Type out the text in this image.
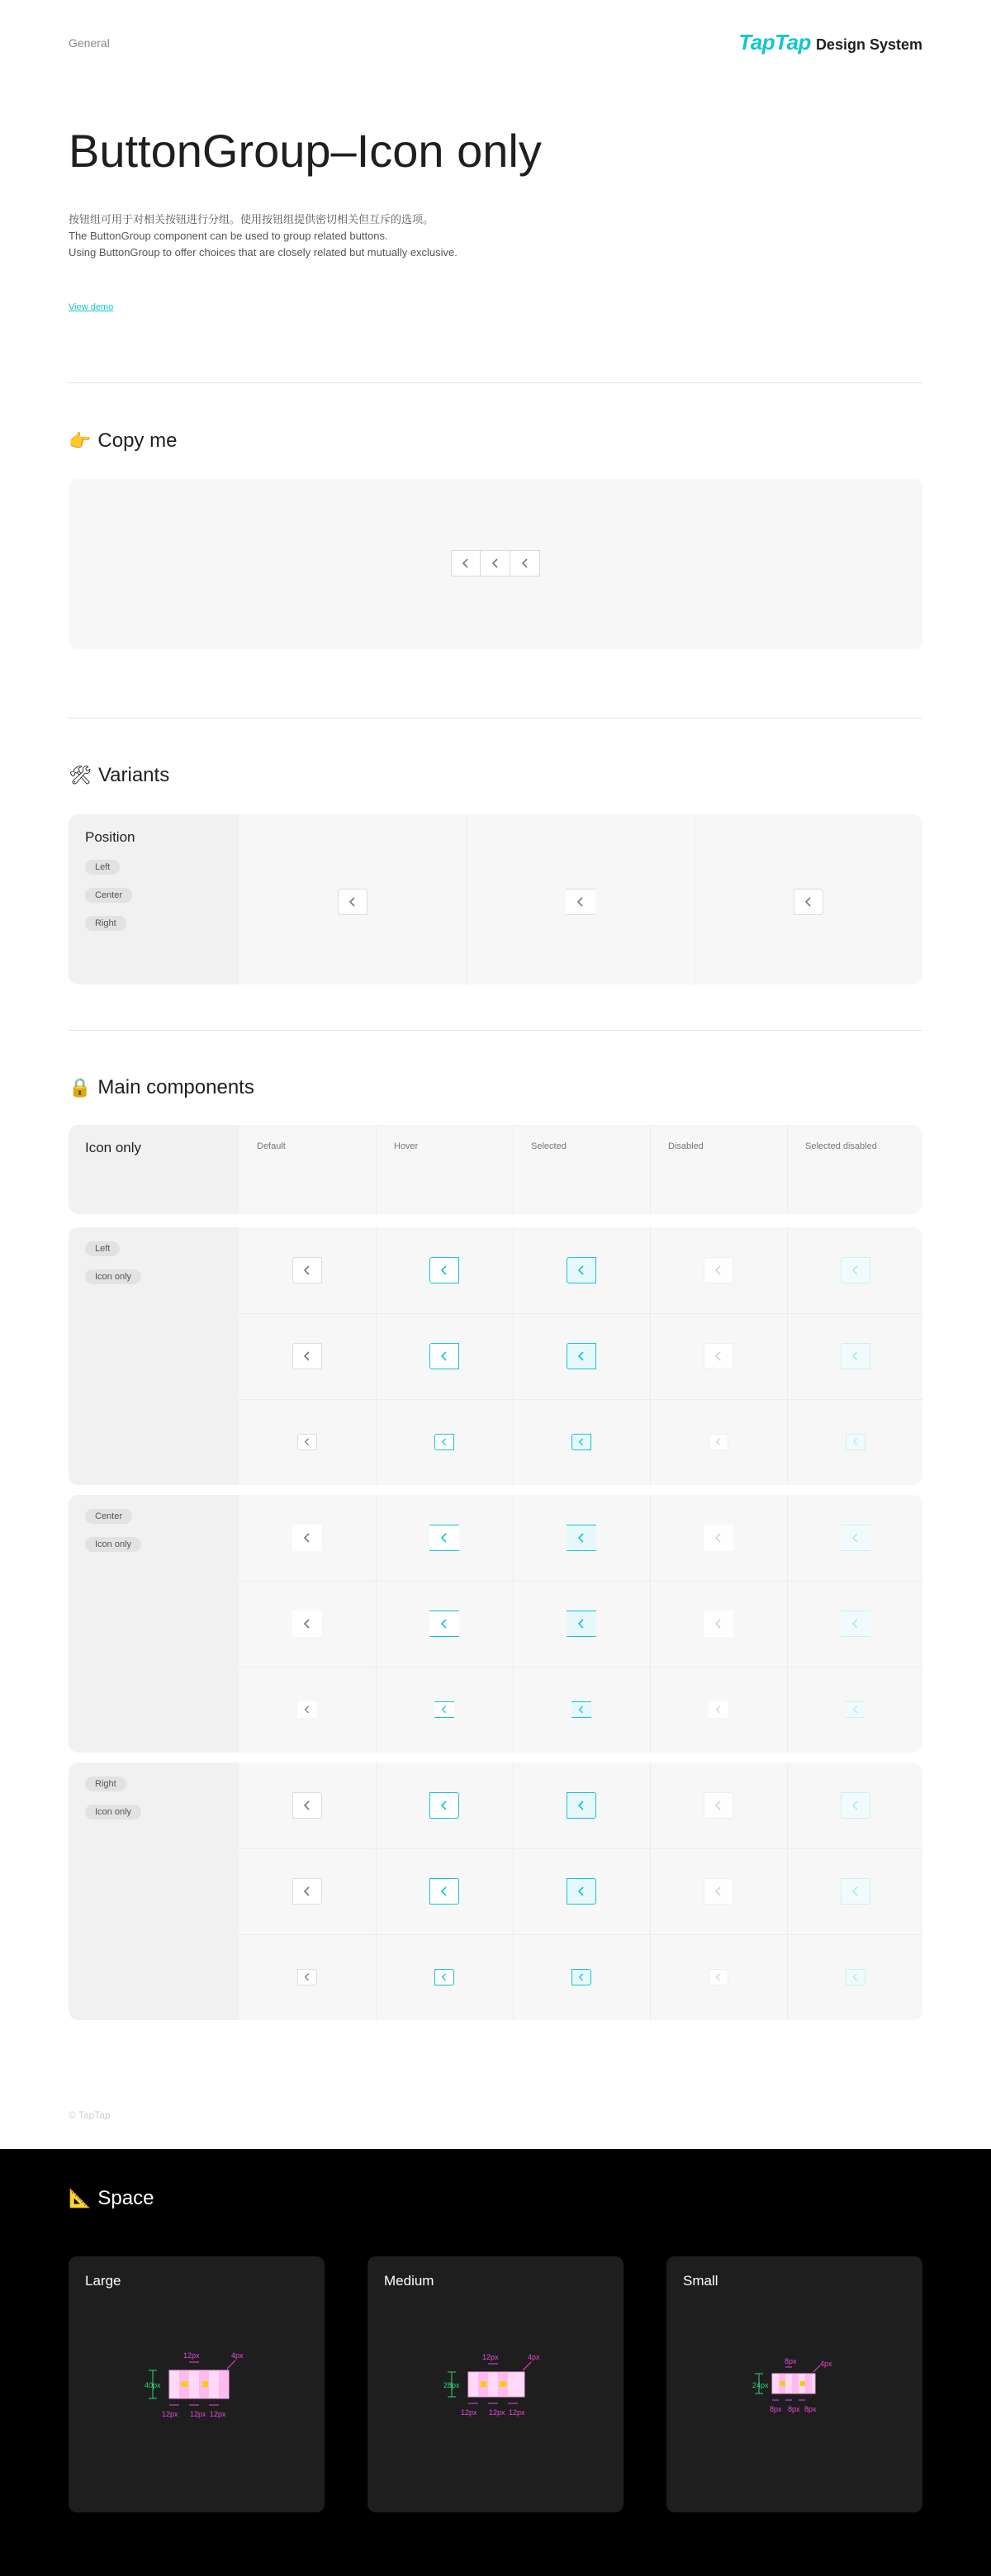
General	TapTap Design System
ButtonGroup–Icon only
按钮组可用于对相关按钮进行分组。使用按钮组提供密切相关但互斥的选项。
The ButtonGroup component can be used to group related buttons.
Using ButtonGroup to offer choices that are closely related but mutually exclusive.
View demo
👉 Copy me
🛠 Variants
Position
Left
Center
Right
🔒 Main components
Icon only	Default	Hover	Selected	Disabled	Selected disabled
Left
Icon only
Center
Icon only
Right
Icon only
© TapTap
📐 Space
Large
12px	4px
40px
12px 12px 12px
Medium
12px	4px
28px
12px 12px 12px
Small
8px	4px
24px
8px 8px 8px
